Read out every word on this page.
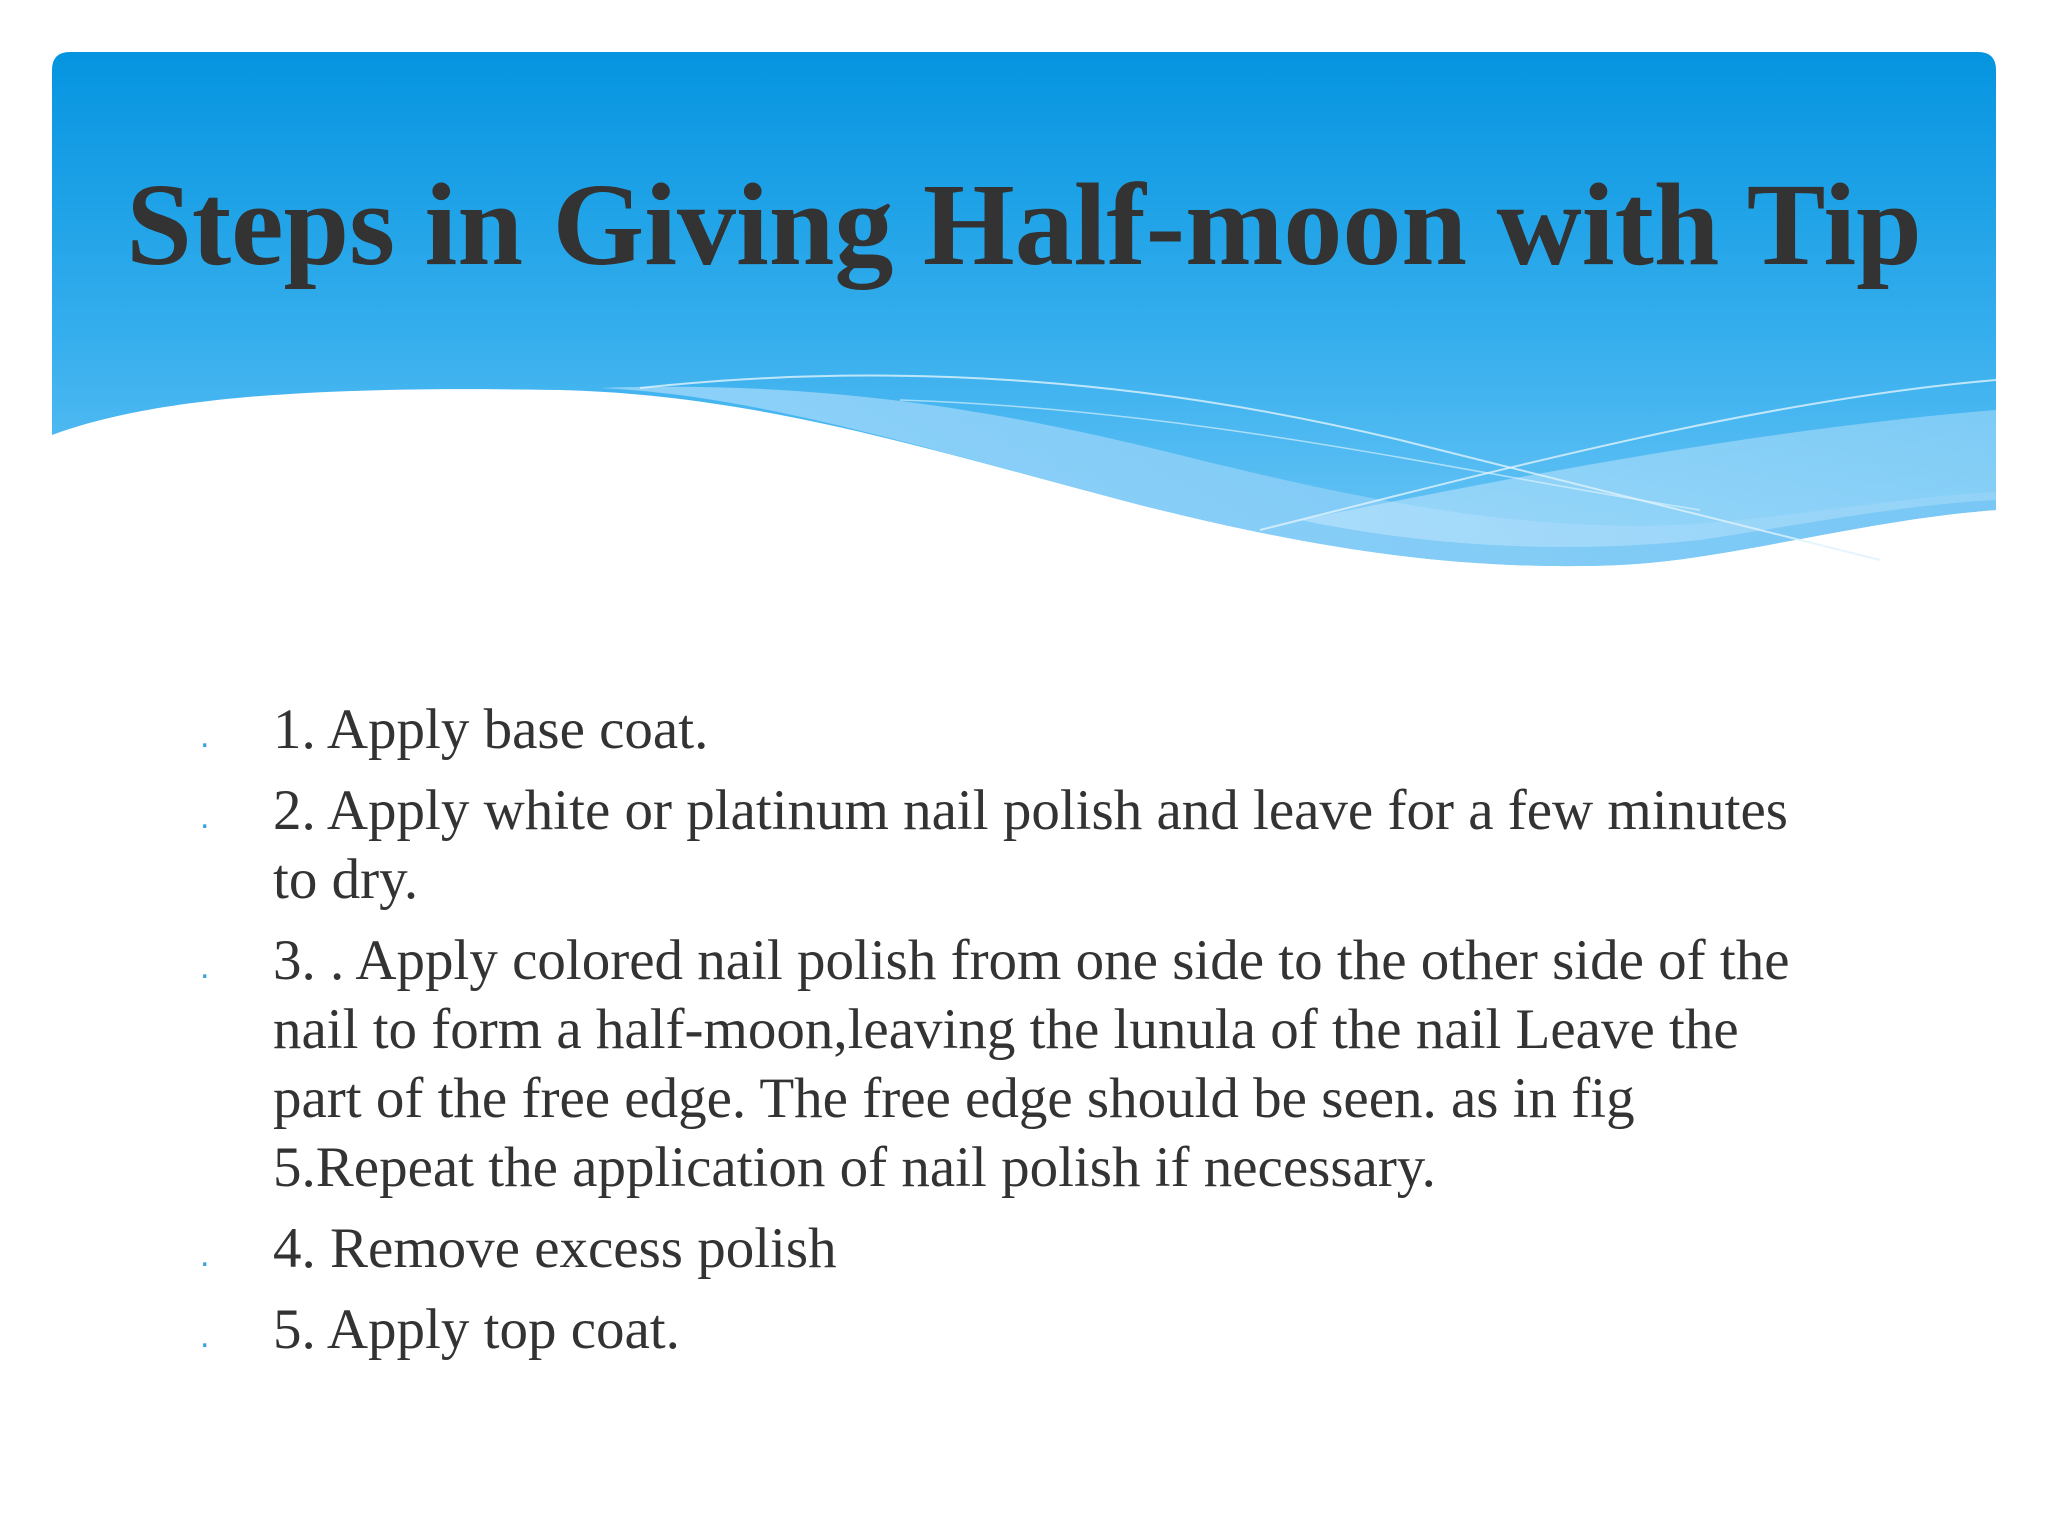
Steps in Giving Half-moon with Tip
. 1. Apply base coat.
. 2. Apply white or platinum nail polish and leave for a few minutes to dry.
. 3. . Apply colored nail polish from one side to the other side of the nail to form a half-moon,leaving the lunula of the nail Leave the part of the free edge. The free edge should be seen. as in fig 5.Repeat the application of nail polish if necessary.
. 4. Remove excess polish
. 5. Apply top coat.
